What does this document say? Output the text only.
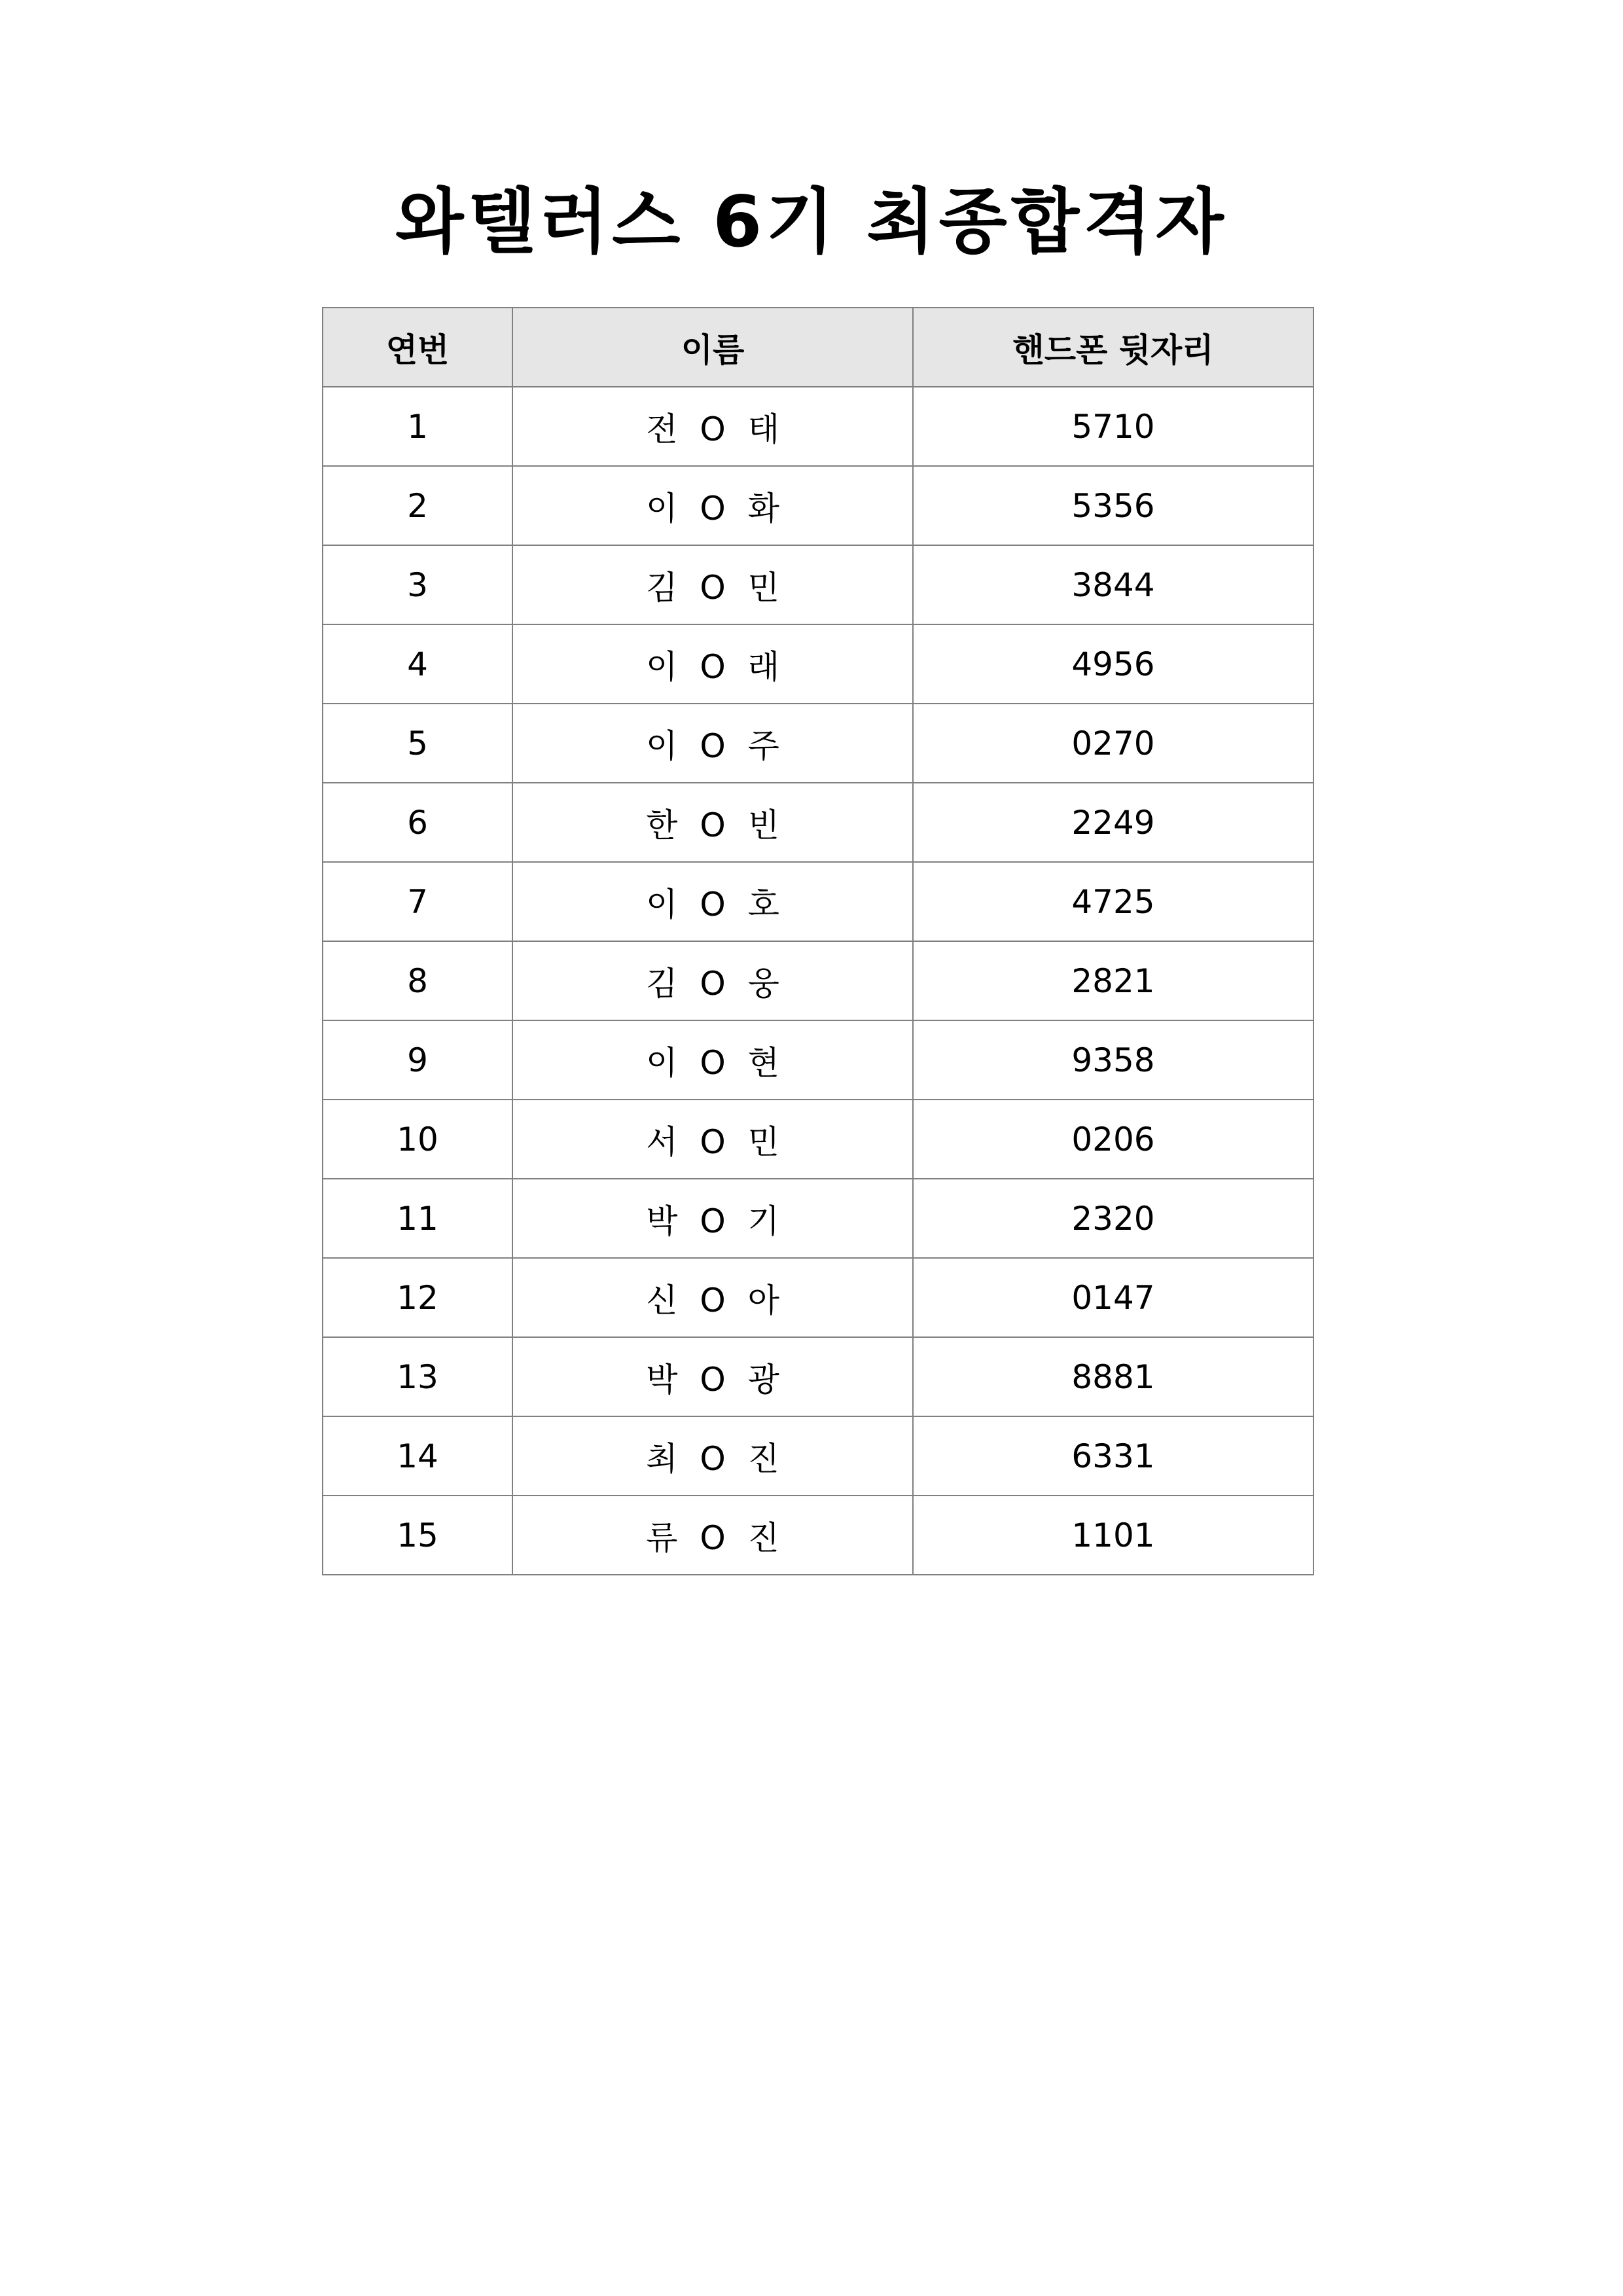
와텔러스 6기 최종합격자
연번	이름	핸드폰 뒷자리
1	전 O 태	5710
2	이 O 화	5356
3	김 O 민	3844
4	이 O 래	4956
5	이 O 주	0270
6	한 O 빈	2249
7	이 O 호	4725
8	김 O 웅	2821
9	이 O 현	9358
10	서 O 민	0206
11	박 O 기	2320
12	신 O 아	0147
13	박 O 광	8881
14	최 O 진	6331
15	류 O 진	1101
